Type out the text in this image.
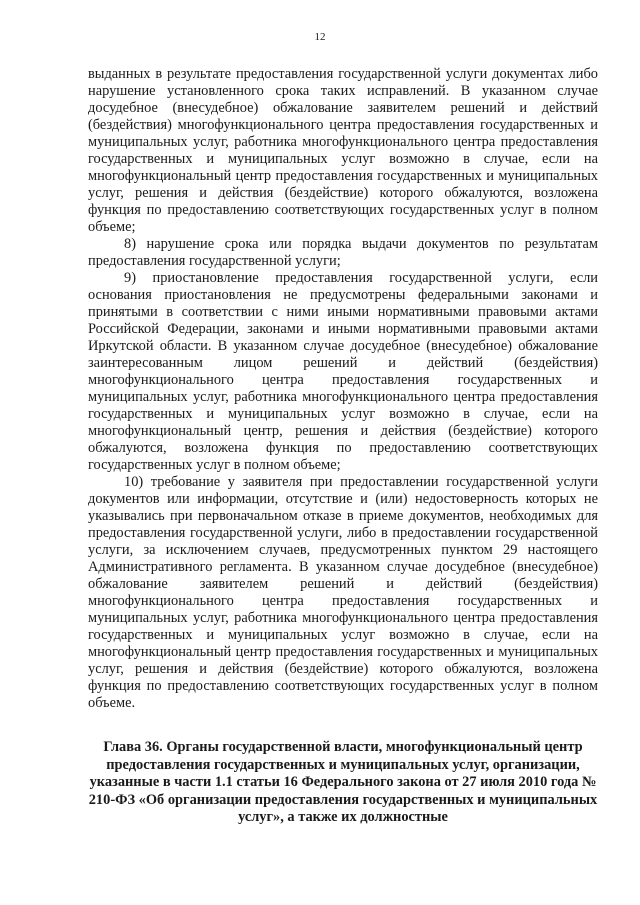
12

выданных в результате предоставления государственной услуги документах либо нарушение установленного срока таких исправлений. В указанном случае досудебное (внесудебное) обжалование заявителем решений и действий (бездействия) многофункционального центра предоставления государственных и муниципальных услуг, работника многофункционального центра предоставления государственных и муниципальных услуг возможно в случае, если на многофункциональный центр предоставления государственных и муниципальных услуг, решения и действия (бездействие) которого обжалуются, возложена функция по предоставлению соответствующих государственных услуг в полном объеме;

8) нарушение срока или порядка выдачи документов по результатам предоставления государственной услуги;

9) приостановление предоставления государственной услуги, если основания приостановления не предусмотрены федеральными законами и принятыми в соответствии с ними иными нормативными правовыми актами Российской Федерации, законами и иными нормативными правовыми актами Иркутской области. В указанном случае досудебное (внесудебное) обжалование заинтересованным лицом решений и действий (бездействия) многофункционального центра предоставления государственных и муниципальных услуг, работника многофункционального центра предоставления государственных и муниципальных услуг возможно в случае, если на многофункциональный центр, решения и действия (бездействие) которого обжалуются, возложена функция по предоставлению соответствующих государственных услуг в полном объеме;

10) требование у заявителя при предоставлении государственной услуги документов или информации, отсутствие и (или) недостоверность которых не указывались при первоначальном отказе в приеме документов, необходимых для предоставления государственной услуги, либо в предоставлении государственной услуги, за исключением случаев, предусмотренных пунктом 29 настоящего Административного регламента. В указанном случае досудебное (внесудебное) обжалование заявителем решений и действий (бездействия) многофункционального центра предоставления государственных и муниципальных услуг, работника многофункционального центра предоставления государственных и муниципальных услуг возможно в случае, если на многофункциональный центр предоставления государственных и муниципальных услуг, решения и действия (бездействие) которого обжалуются, возложена функция по предоставлению соответствующих государственных услуг в полном объеме.

Глава 36. Органы государственной власти, многофункциональный центр предоставления государственных и муниципальных услуг, организации, указанные в части 1.1 статьи 16 Федерального закона от 27 июля 2010 года № 210-ФЗ «Об организации предоставления государственных и муниципальных услуг», а также их должностные
